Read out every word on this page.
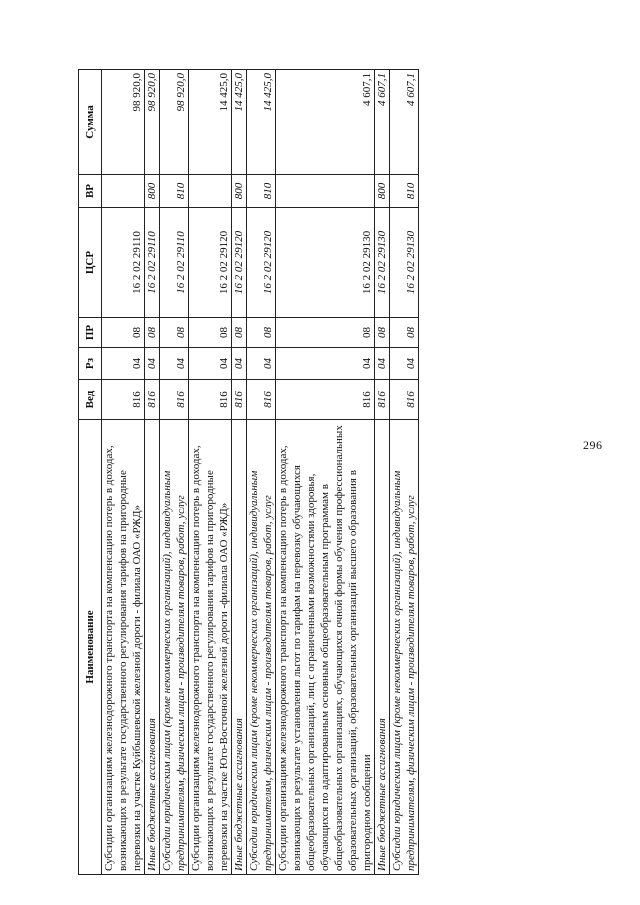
296
Наименование	Вед	Рз	ПР	ЦСР	ВР	Сумма
Субсидии организациям железнодорожного транспорта на компенсацию потерь в доходах, возникающих в результате государственного регулирования тарифов на пригородные перевозки на участке Куйбышевской железной дороги - филиала ОАО «РЖД»	816	04	08	16 2 02 29110		98 920,0
Иные бюджетные ассигнования	816	04	08	16 2 02 29110	800	98 920,0
Субсидии юридическим лицам (кроме некоммерческих организаций), индивидуальным предпринимателям, физическим лицам - производителям товаров, работ, услуг	816	04	08	16 2 02 29110	810	98 920,0
Субсидии организациям железнодорожного транспорта на компенсацию потерь в доходах, возникающих в результате государственного регулирования тарифов на пригородные перевозки на участке Юго-Восточной железной дороги -филиала ОАО «РЖД»	816	04	08	16 2 02 29120		14 425,0
Иные бюджетные ассигнования	816	04	08	16 2 02 29120	800	14 425,0
Субсидии юридическим лицам (кроме некоммерческих организаций), индивидуальным предпринимателям, физическим лицам - производителям товаров, работ, услуг	816	04	08	16 2 02 29120	810	14 425,0
Субсидии организациям железнодорожного транспорта на компенсацию потерь в доходах, возникающих в результате установления льгот по тарифам на перевозку обучающихся общеобразовательных организаций, лиц с ограниченными возможностями здоровья, обучающихся по адаптированным основным общеобразовательным программам в общеобразовательных организациях, обучающихся очной формы обучения профессиональных образовательных организаций, образовательных организаций высшего образования в пригородном сообщении	816	04	08	16 2 02 29130		4 607,1
Иные бюджетные ассигнования	816	04	08	16 2 02 29130	800	4 607,1
Субсидии юридическим лицам (кроме некоммерческих организаций), индивидуальным предпринимателям, физическим лицам - производителям товаров, работ, услуг	816	04	08	16 2 02 29130	810	4 607,1
